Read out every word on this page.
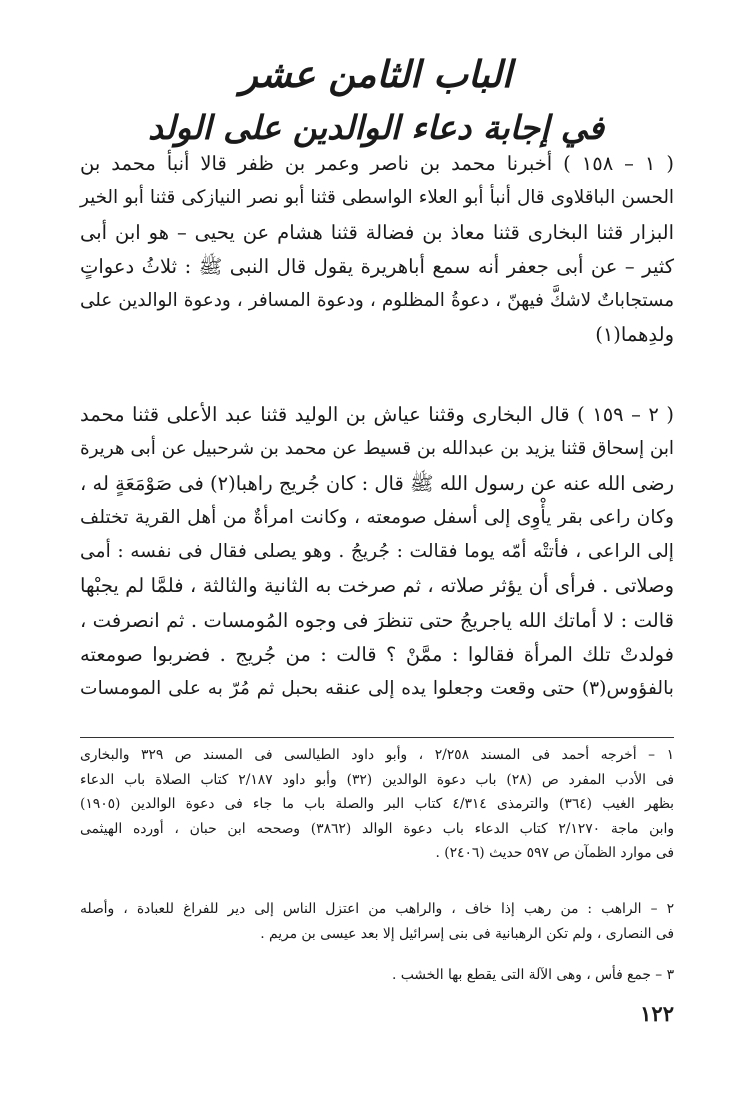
الباب الثامن عشر
في إجابة دعاء الوالدين على الولد
( ١ – ١٥٨ ) أخبرنا محمد بن ناصر وعمر بن ظفر قالا أنبأ محمد بن
الحسن الباقلاوى قال أنبأ أبو العلاء الواسطى قثنا أبو نصر النيازكى قثنا أبو الخير
البزار قثنا البخارى قثنا معاذ بن فضالة قثنا هشام عن يحيى – هو ابن أبى
كثير – عن أبى جعفر أنه سمع أباهريرة يقول قال النبى ﷺ : ثلاثُ دعواتٍ
مستجاباتٌ لاشكَّ فيهنّ ، دعوةُ المظلوم ، ودعوة المسافر ، ودعوة الوالدين على
ولدِهما(١)
( ٢ – ١٥٩ ) قال البخارى وقثنا عياش بن الوليد قثنا عبد الأعلى قثنا محمد
ابن إسحاق قثنا يزيد بن عبدالله بن قسيط عن محمد بن شرحبيل عن أبى هريرة
رضى الله عنه عن رسول الله ﷺ قال : كان جُريج راهبا(٢) فى صَوْمَعَةٍ له ،
وكان راعى بقر يأْوِى إلى أسفل صومعته ، وكانت امرأةٌ من أهل القرية تختلف
إلى الراعى ، فأتتْه أمّه يوما فقالت : جُريجُ . وهو يصلى فقال فى نفسه : أمى
وصلاتى . فرأى أن يؤثر صلاته ، ثم صرخت به الثانية والثالثة ، فلمَّا لم يجبْها
قالت : لا أماتك الله ياجريجُ حتى تنظرَ فى وجوه المُومسات . ثم انصرفت ،
فولدتْ تلك المرأة فقالوا : ممَّنْ ؟ قالت : من جُريج . فضربوا صومعته
بالفؤوس(٣) حتى وقعت وجعلوا يده إلى عنقه بحبل ثم مُرّ به على المومسات
١ – أخرجه أحمد فى المسند ٢/٢٥٨ ، وأبو داود الطيالسى فى المسند ص ٣٢٩ والبخارى
فى الأدب المفرد ص (٢٨) باب دعوة الوالدين (٣٢) وأبو داود ٢/١٨٧ كتاب الصلاة باب الدعاء
بظهر الغيب (٣٦٤) والترمذى ٤/٣١٤ كتاب البر والصلة باب ما جاء فى دعوة الوالدين (١٩٠٥)
وابن ماجة ٢/١٢٧٠ كتاب الدعاء باب دعوة الوالد (٣٨٦٢) وصححه ابن حبان ، أورده الهيثمى
فى موارد الظمآن ص ٥٩٧ حديث (٢٤٠٦) .
٢ – الراهب : من رهب إذا خاف ، والراهب من اعتزل الناس إلى دير للفراغ للعبادة ، وأصله
فى النصارى ، ولم تكن الرهبانية فى بنى إسرائيل إلا بعد عيسى بن مريم .
٣ – جمع فأس ، وهى الآلة التى يقطع بها الخشب .
١٢٢
